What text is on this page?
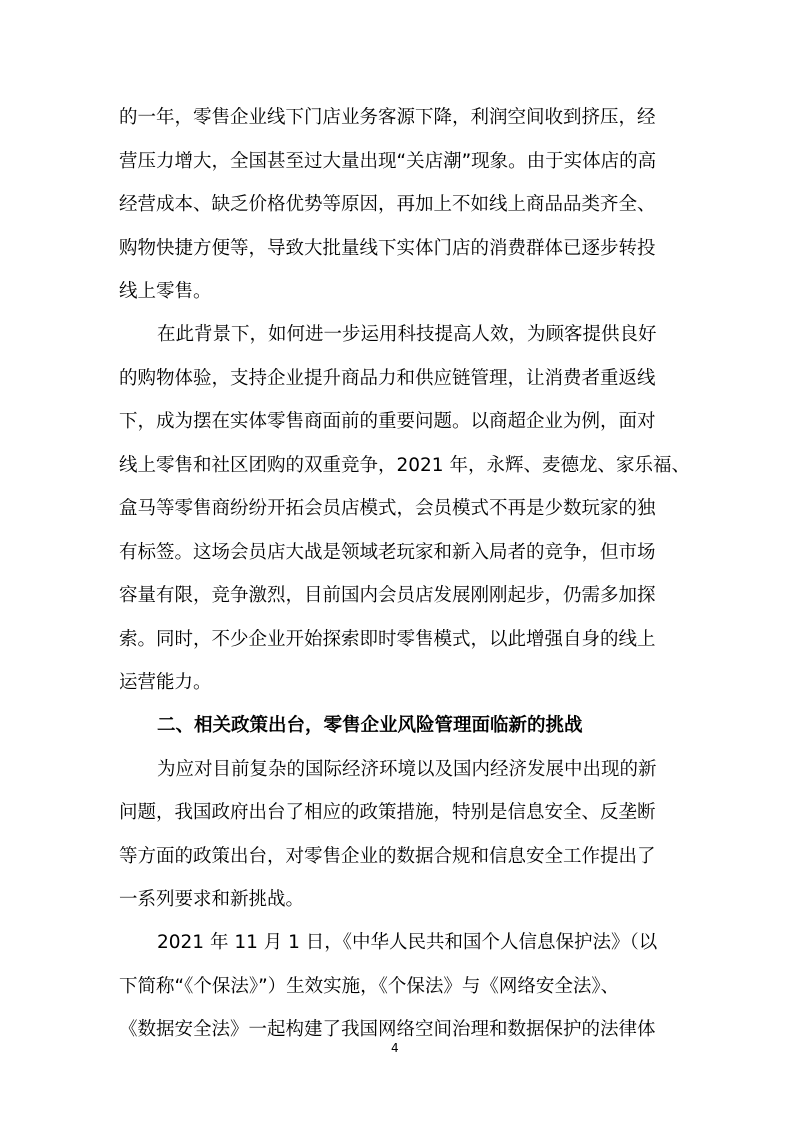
的一年，零售企业线下门店业务客源下降，利润空间收到挤压，经
营压力增大，全国甚至过大量出现“关店潮”现象。由于实体店的高
经营成本、缺乏价格优势等原因，再加上不如线上商品品类齐全、
购物快捷方便等，导致大批量线下实体门店的消费群体已逐步转投
线上零售。
在此背景下，如何进一步运用科技提高人效，为顾客提供良好
的购物体验，支持企业提升商品力和供应链管理，让消费者重返线
下，成为摆在实体零售商面前的重要问题。以商超企业为例，面对
线上零售和社区团购的双重竞争，2021 年，永辉、麦德龙、家乐福、
盒马等零售商纷纷开拓会员店模式，会员模式不再是少数玩家的独
有标签。这场会员店大战是领域老玩家和新入局者的竞争，但市场
容量有限，竞争激烈，目前国内会员店发展刚刚起步，仍需多加探
索。同时，不少企业开始探索即时零售模式，以此增强自身的线上
运营能力。
二、相关政策出台，零售企业风险管理面临新的挑战
为应对目前复杂的国际经济环境以及国内经济发展中出现的新
问题，我国政府出台了相应的政策措施，特别是信息安全、反垄断
等方面的政策出台，对零售企业的数据合规和信息安全工作提出了
一系列要求和新挑战。
2021 年 11 月 1 日，《中华人民共和国个人信息保护法》（以
下简称“《个保法》”）生效实施，《个保法》与《网络安全法》、
《数据安全法》一起构建了我国网络空间治理和数据保护的法律体
4
